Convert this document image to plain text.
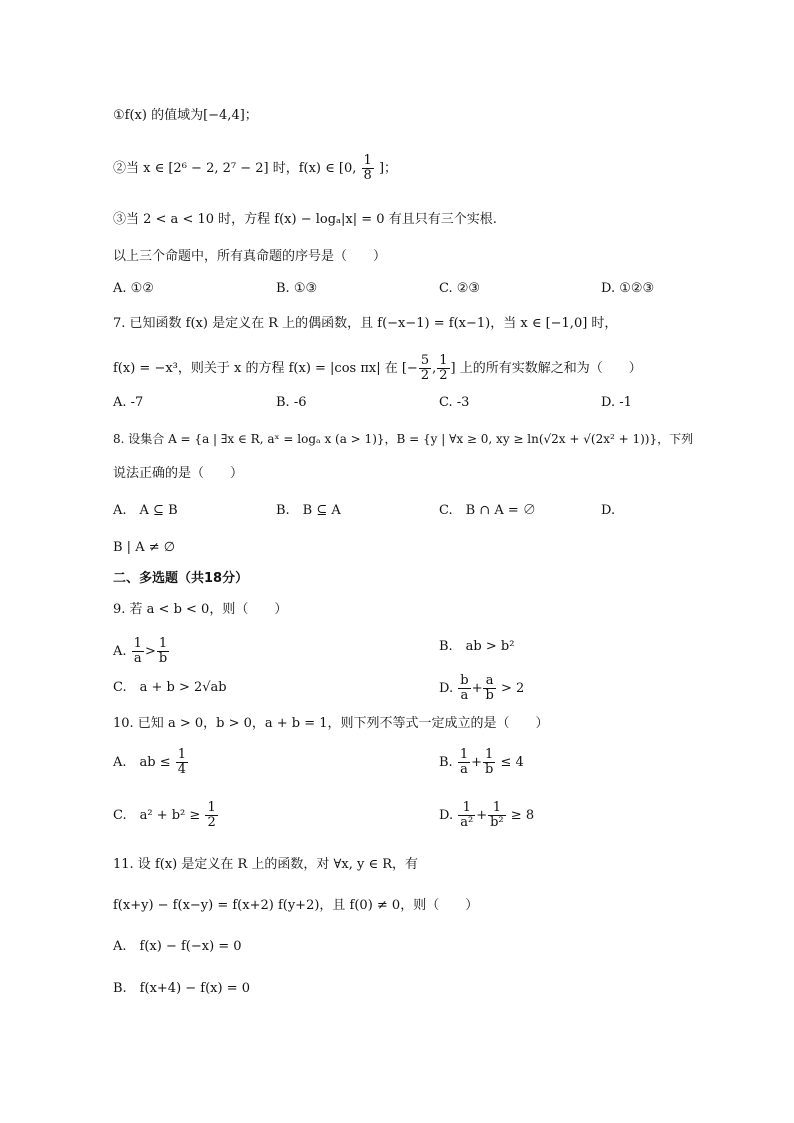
①f(x) 的值域为[−4,4]；
②当 x ∈ [2⁶ − 2, 2⁷ − 2] 时，f(x) ∈ [0, $\frac{1}{8}$ ]；
③当 2 < a < 10 时，方程 f(x) − logₐ|x| = 0 有且只有三个实根.
以上三个命题中，所有真命题的序号是（　　）
A. ①②	B. ①③	C. ②③	D. ①②③
7. 已知函数 f(x) 是定义在 R 上的偶函数，且 f(−x−1) = f(x−1)，当 x ∈ [−1,0] 时，
f(x) = −x³，则关于 x 的方程 f(x) = |cos πx| 在 [− $\frac{5}{2}$ , $\frac{1}{2}$ ] 上的所有实数解之和为（　　）
A. -7	B. -6	C. -3	D. -1
8. 设集合 A = {a | ∃x ∈ R, aˣ = logₐ x (a > 1)}，B = {y | ∀x ≥ 0, xy ≥ ln(√2x + √(2x² + 1))}，下列
说法正确的是（　　）
A.　A ⊆ B	B.　B ⊆ A	C.　B ∩ A = ∅	D.
B | A ≠ ∅
二、多选题（共18分）
9. 若 a < b < 0，则（　　）
A. $\frac{1}{a} > \frac{1}{b}$	B.　ab > b²
C.　a + b > 2√ab	D. $\frac{b}{a} + \frac{a}{b} > 2$
10. 已知 a > 0，b > 0，a + b = 1，则下列不等式一定成立的是（　　）
A.　ab ≤ $\frac{1}{4}$	B. $\frac{1}{a} + \frac{1}{b} \le 4$
C.　$a^2 + b^2 \ge \frac{1}{2}$	D. $\frac{1}{\text{a²}} + \frac{1}{\text{b²}} \ge 8$
11. 设 f(x) 是定义在 R 上的函数，对 ∀x, y ∈ R，有
f(x+y) − f(x−y) = f(x+2) f(y+2)，且 f(0) ≠ 0，则（　　）
A.　f(x) − f(−x) = 0
B.　f(x+4) − f(x) = 0
